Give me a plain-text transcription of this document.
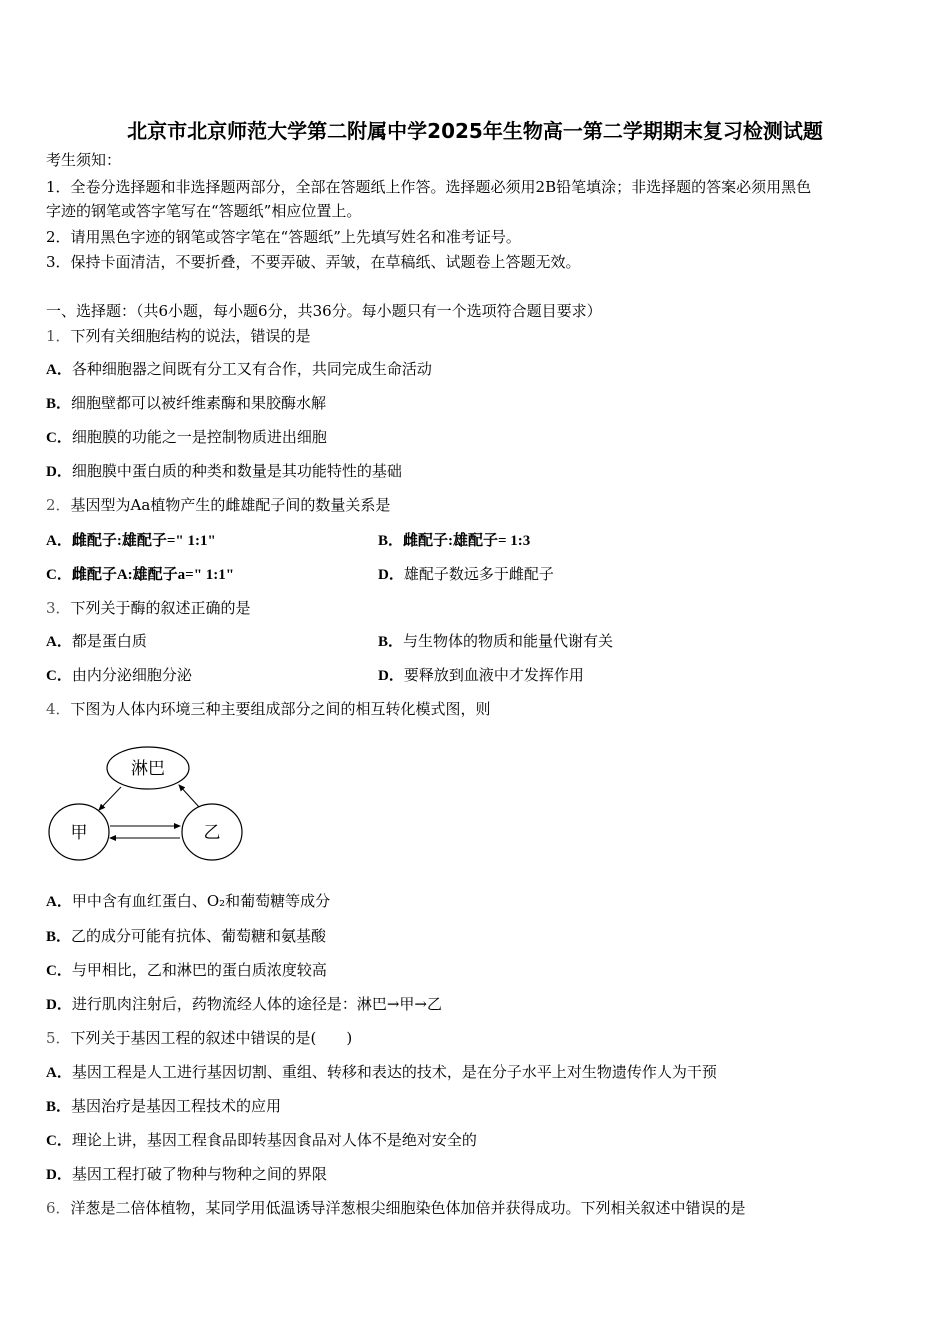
北京市北京师范大学第二附属中学2025年生物高一第二学期期末复习检测试题
考生须知：
1．全卷分选择题和非选择题两部分，全部在答题纸上作答。选择题必须用2B铅笔填涂；非选择题的答案必须用黑色
字迹的钢笔或答字笔写在“答题纸”相应位置上。
2．请用黑色字迹的钢笔或答字笔在“答题纸”上先填写姓名和准考证号。
3．保持卡面清洁，不要折叠，不要弄破、弄皱，在草稿纸、试题卷上答题无效。
一、选择题：（共6小题，每小题6分，共36分。每小题只有一个选项符合题目要求）
1．下列有关细胞结构的说法，错误的是
A．各种细胞器之间既有分工又有合作，共同完成生命活动
B．细胞壁都可以被纤维素酶和果胶酶水解
C．细胞膜的功能之一是控制物质进出细胞
D．细胞膜中蛋白质的种类和数量是其功能特性的基础
2．基因型为Aa植物产生的雌雄配子间的数量关系是
A．雌配子:雄配子=" 1:1"	B．雌配子:雄配子= 1:3
C．雌配子A:雄配子a=" 1:1"	D．雄配子数远多于雌配子
3．下列关于酶的叙述正确的是
A．都是蛋白质	B．与生物体的物质和能量代谢有关
C．由内分泌细胞分泌	D．要释放到血液中才发挥作用
4．下图为人体内环境三种主要组成部分之间的相互转化模式图，则
淋巴
甲	乙
A．甲中含有血红蛋白、O₂和葡萄糖等成分
B．乙的成分可能有抗体、葡萄糖和氨基酸
C．与甲相比，乙和淋巴的蛋白质浓度较高
D．进行肌肉注射后，药物流经人体的途径是：淋巴→甲→乙
5．下列关于基因工程的叙述中错误的是(　　)
A．基因工程是人工进行基因切割、重组、转移和表达的技术，是在分子水平上对生物遗传作人为干预
B．基因治疗是基因工程技术的应用
C．理论上讲，基因工程食品即转基因食品对人体不是绝对安全的
D．基因工程打破了物种与物种之间的界限
6．洋葱是二倍体植物，某同学用低温诱导洋葱根尖细胞染色体加倍并获得成功。下列相关叙述中错误的是
